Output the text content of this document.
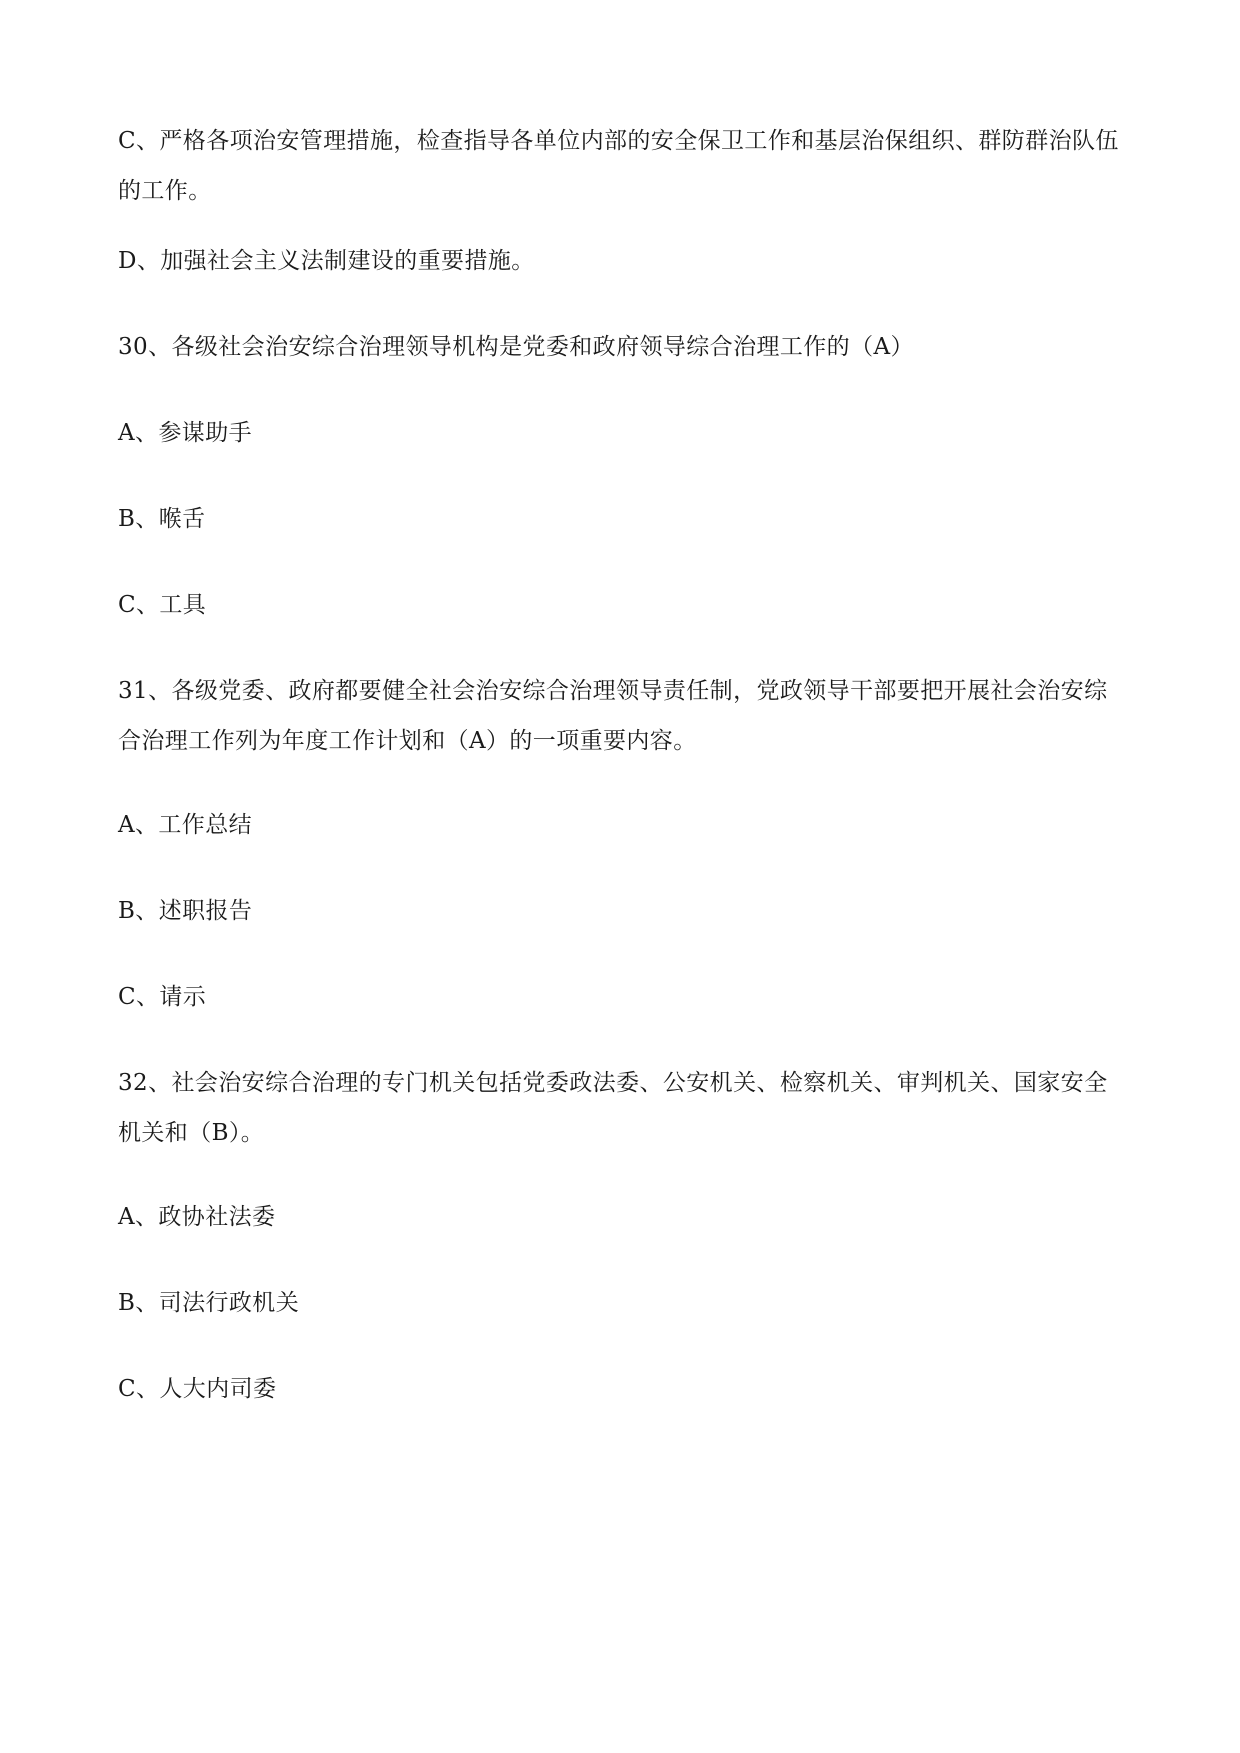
C、严格各项治安管理措施，检查指导各单位内部的安全保卫工作和基层治保组织、群防群治队伍的工作。
D、加强社会主义法制建设的重要措施。
30、各级社会治安综合治理领导机构是党委和政府领导综合治理工作的（A）
A、参谋助手
B、喉舌
C、工具
31、各级党委、政府都要健全社会治安综合治理领导责任制，党政领导干部要把开展社会治安综合治理工作列为年度工作计划和（A）的一项重要内容。
A、工作总结
B、述职报告
C、请示
32、社会治安综合治理的专门机关包括党委政法委、公安机关、检察机关、审判机关、国家安全机关和（B）。
A、政协社法委
B、司法行政机关
C、人大内司委
